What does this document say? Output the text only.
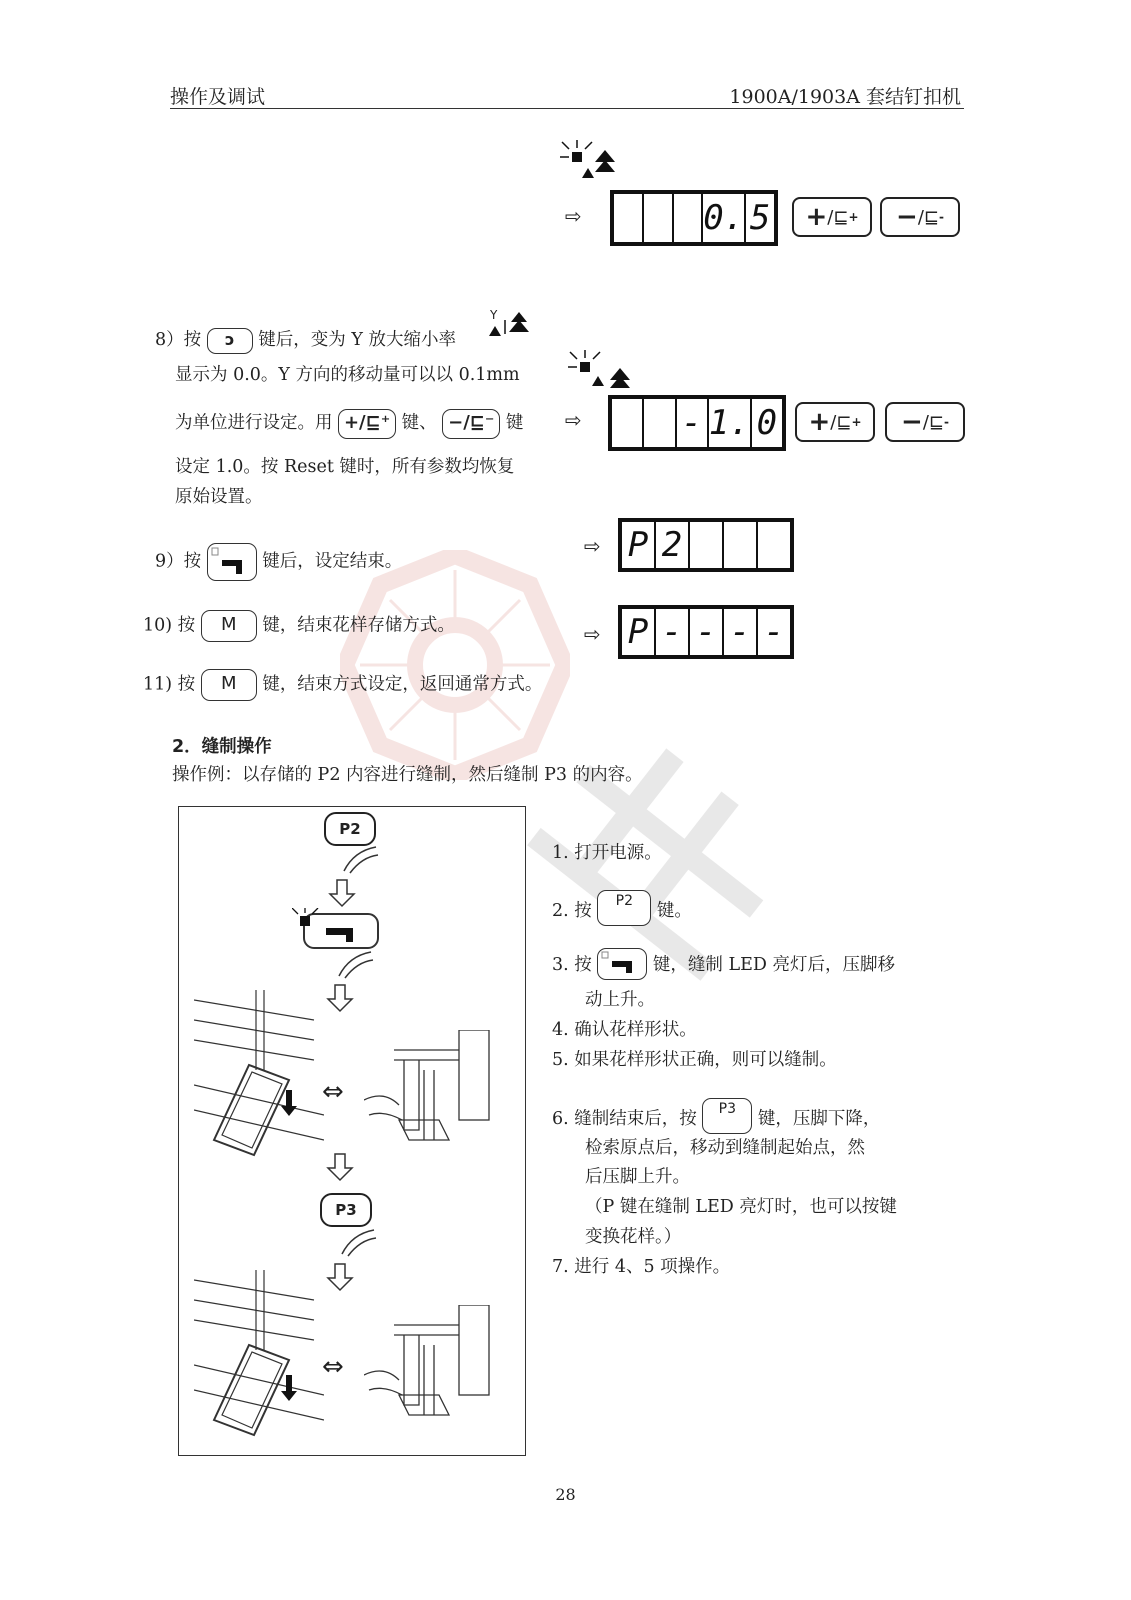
操作及调试	1900A/1903A 套结钉扣机
⇨	0. 5 + /⊑ + − /⊑ -
8）按 ↄ 键后，变为 Y 放大缩小率
Y
显示为 0.0。Y 方向的移动量可以以 0.1mm
为单位进行设定。用 +/⊑⁺ 键、 −/⊑⁻ 键
设定 1.0。按 Reset 键时，所有参数均恢复
原始设置。
⇨	- 1. 0 + /⊑ + − /⊑ -
9）按	键后，设定结束。
⇨ P 2
10) 按 M 键，结束花样存储方式。	⇨ P - - - -
11) 按 M 键，结束方式设定，返回通常方式。
2．缝制操作
操作例：以存储的 P2 内容进行缝制，然后缝制 P3 的内容。
P2
⇔
P3
⇔
1. 打开电源。
2. 按 P2 键。
3. 按	键，缝制 LED 亮灯后，压脚移
动上升。
4. 确认花样形状。
5. 如果花样形状正确，则可以缝制。
6. 缝制结束后，按 P3 键，压脚下降，
检索原点后，移动到缝制起始点，然
后压脚上升。
（P 键在缝制 LED 亮灯时，也可以按键
变换花样。）
7. 进行 4、5 项操作。
28
